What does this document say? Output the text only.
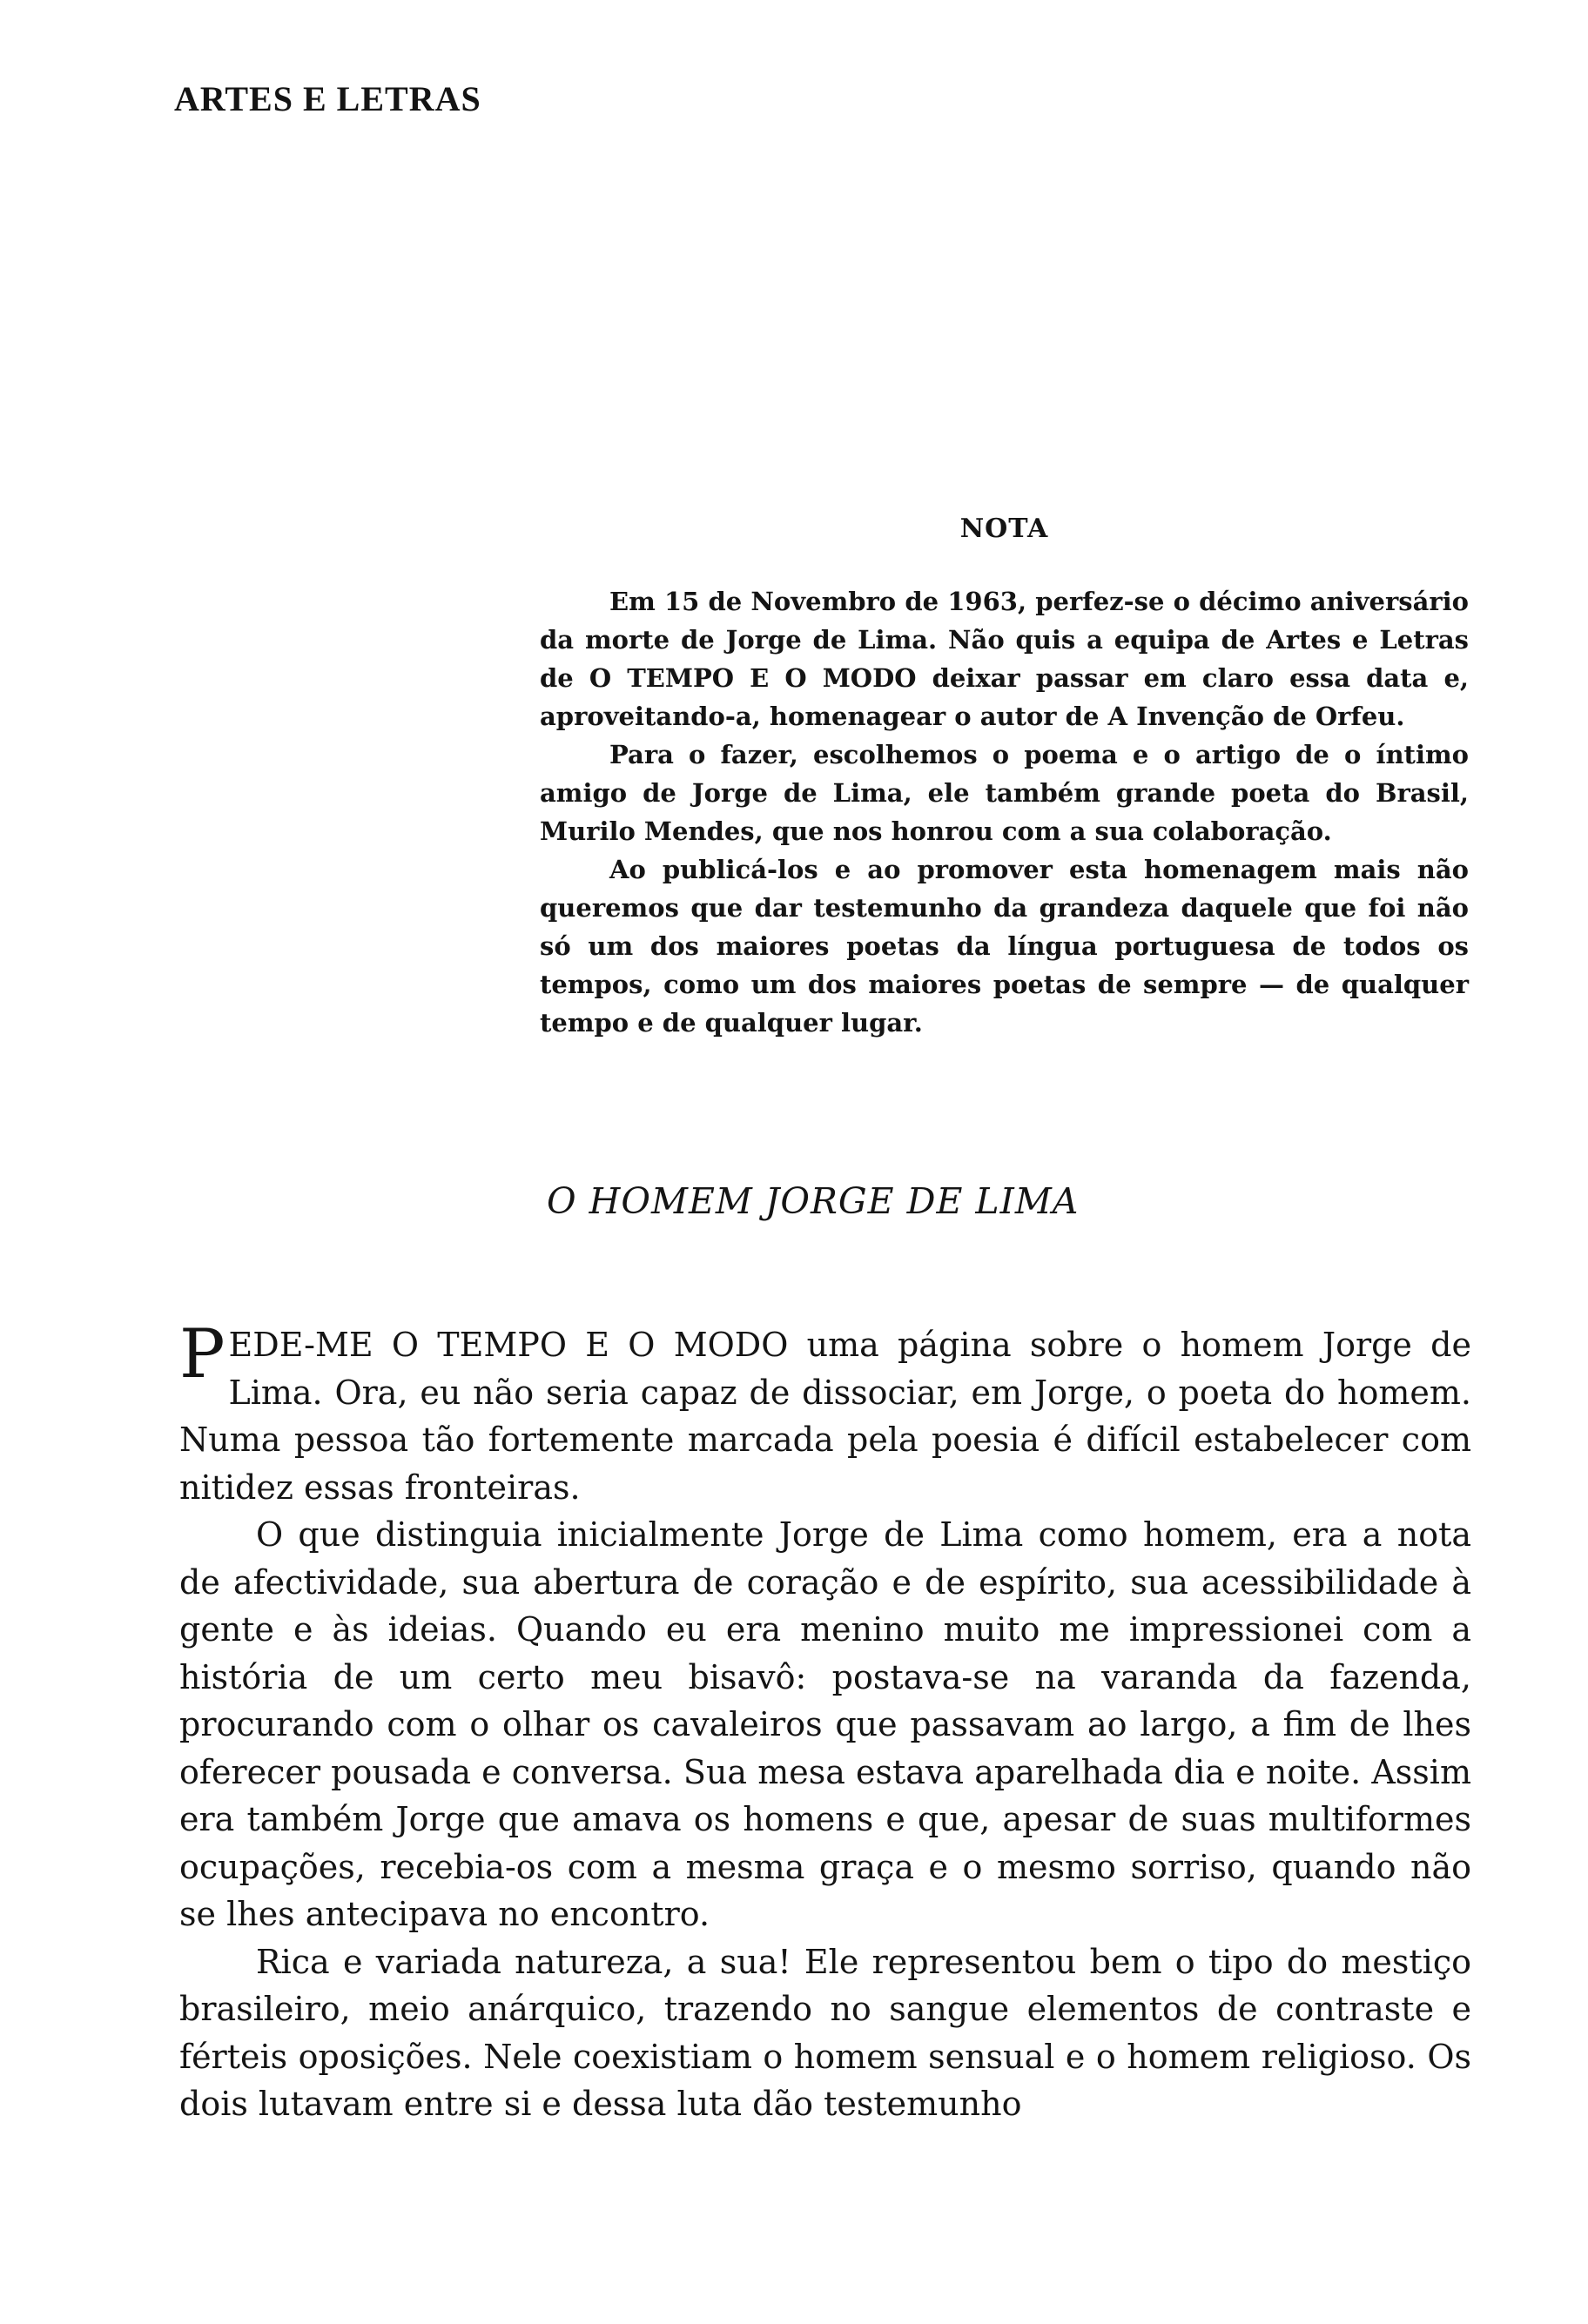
ARTES E LETRAS
NOTA

Em 15 de Novembro de 1963, perfez-se o décimo aniversário da morte de Jorge de Lima. Não quis a equipa de Artes e Letras de O TEMPO E O MODO deixar passar em claro essa data e, aproveitando-a, homenagear o autor de A Invenção de Orfeu.

Para o fazer, escolhemos o poema e o artigo de o íntimo amigo de Jorge de Lima, ele também grande poeta do Brasil, Murilo Mendes, que nos honrou com a sua colaboração.

Ao publicá-los e ao promover esta homenagem mais não queremos que dar testemunho da grandeza daquele que foi não só um dos maiores poetas da língua portuguesa de todos os tempos, como um dos maiores poetas de sempre — de qualquer tempo e de qualquer lugar.

O HOMEM JORGE DE LIMA

PEDE-ME O TEMPO E O MODO uma página sobre o homem Jorge de Lima. Ora, eu não seria capaz de dissociar, em Jorge, o poeta do homem. Numa pessoa tão fortemente marcada pela poesia é difícil estabelecer com nitidez essas fronteiras.

O que distinguia inicialmente Jorge de Lima como homem, era a nota de afectividade, sua abertura de coração e de espírito, sua acessibilidade à gente e às ideias. Quando eu era menino muito me impressionei com a história de um certo meu bisavô: postava-se na varanda da fazenda, procurando com o olhar os cavaleiros que passavam ao largo, a fim de lhes oferecer pousada e conversa. Sua mesa estava aparelhada dia e noite. Assim era também Jorge que amava os homens e que, apesar de suas multiformes ocupações, recebia-os com a mesma graça e o mesmo sorriso, quando não se lhes antecipava no encontro.

Rica e variada natureza, a sua! Ele representou bem o tipo do mestiço brasileiro, meio anárquico, trazendo no sangue elementos de contraste e férteis oposições. Nele coexistiam o homem sensual e o homem religioso. Os dois lutavam entre si e dessa luta dão testemunho
